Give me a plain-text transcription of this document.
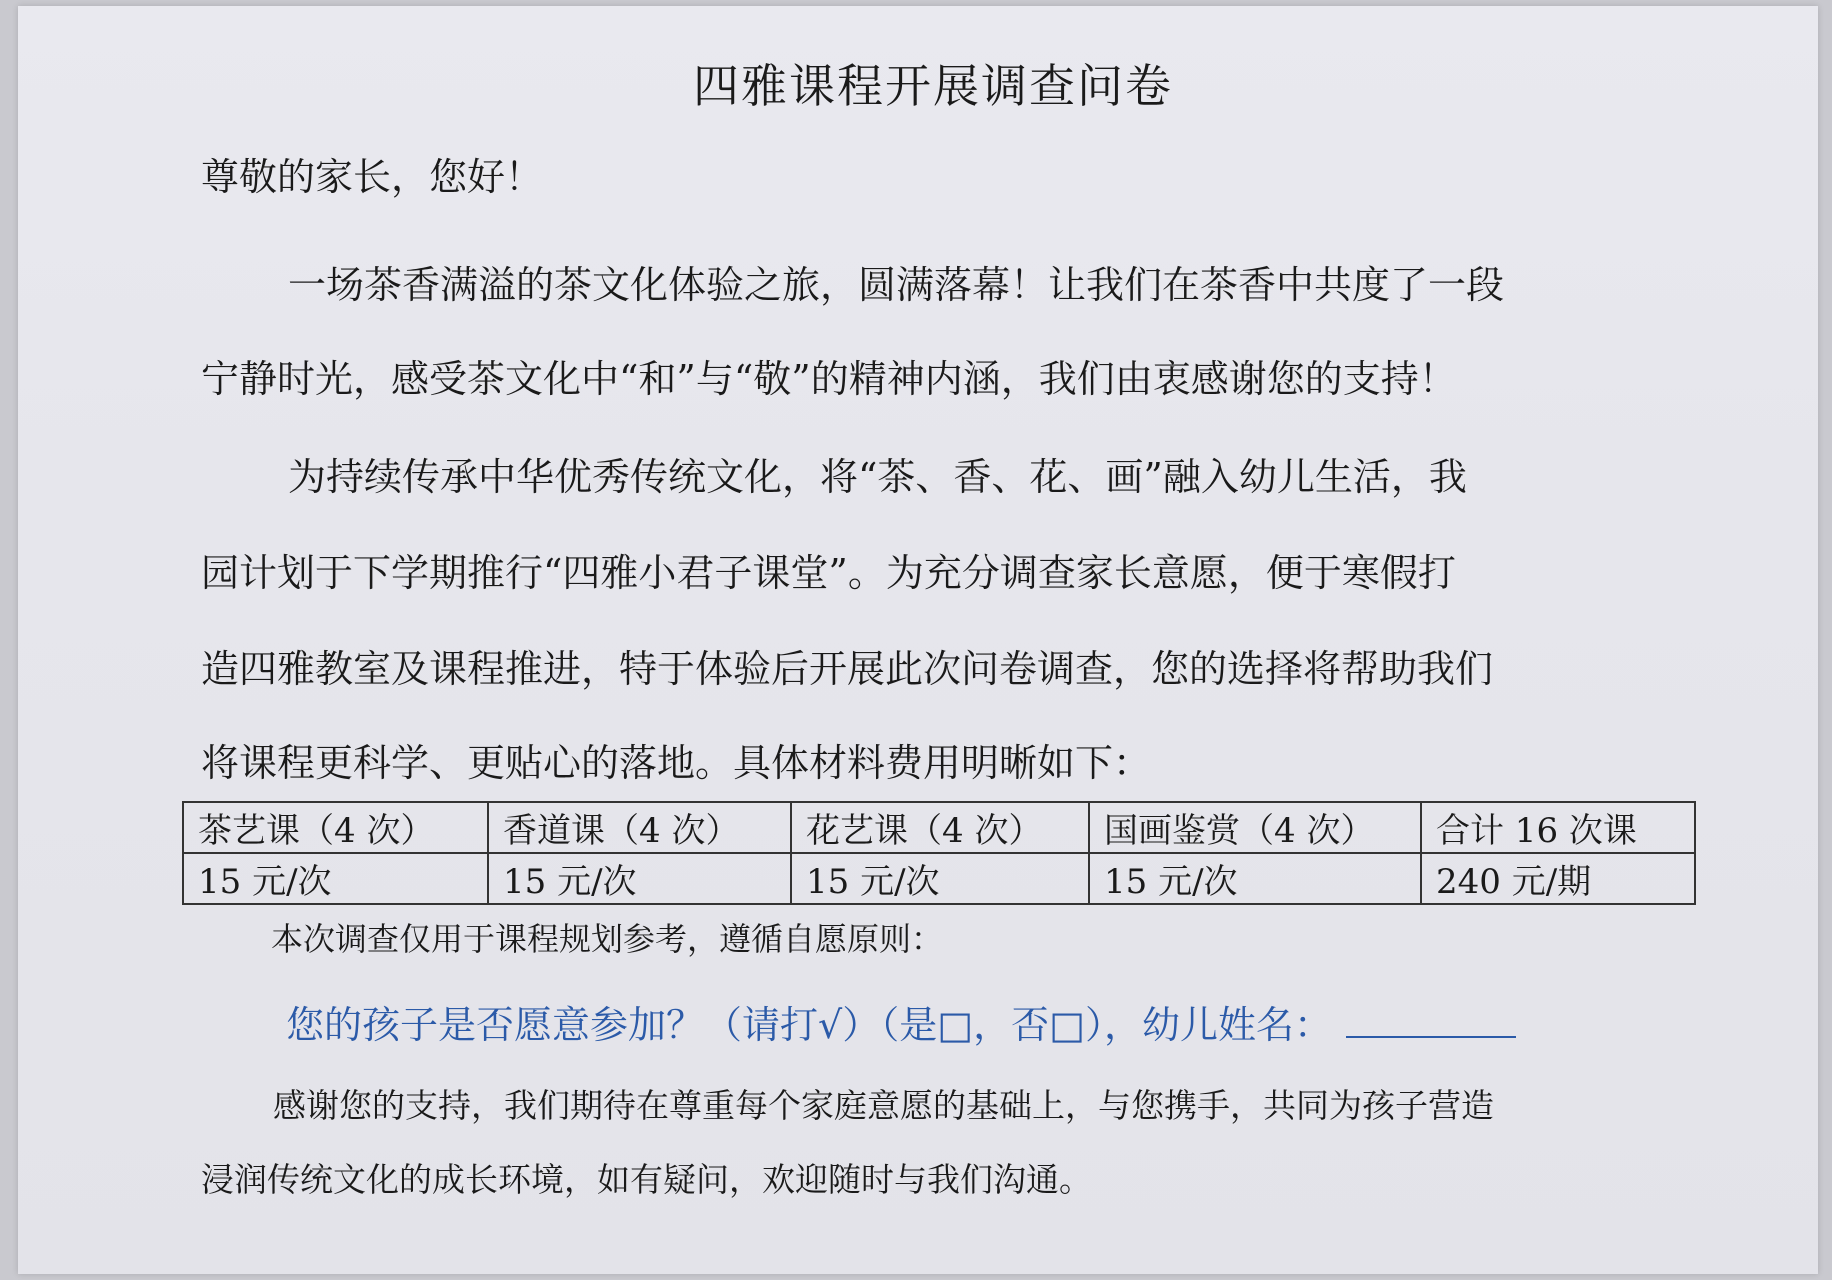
四雅课程开展调查问卷
尊敬的家长，您好！
一场茶香满溢的茶文化体验之旅，圆满落幕！让我们在茶香中共度了一段
宁静时光，感受茶文化中“和”与“敬”的精神内涵，我们由衷感谢您的支持！
为持续传承中华优秀传统文化，将“茶、香、花、画”融入幼儿生活，我
园计划于下学期推行“四雅小君子课堂”。为充分调查家长意愿，便于寒假打
造四雅教室及课程推进，特于体验后开展此次问卷调查，您的选择将帮助我们
将课程更科学、更贴心的落地。具体材料费用明晰如下：
茶艺课（4 次）	香道课（4 次）	花艺课（4 次）	国画鉴赏（4 次）	合计 16 次课
15 元/次	15 元/次	15 元/次	15 元/次	240 元/期
本次调查仅用于课程规划参考，遵循自愿原则：
您的孩子是否愿意参加？（请打√）（是□，否□），幼儿姓名：
感谢您的支持，我们期待在尊重每个家庭意愿的基础上，与您携手，共同为孩子营造
浸润传统文化的成长环境，如有疑问，欢迎随时与我们沟通。
